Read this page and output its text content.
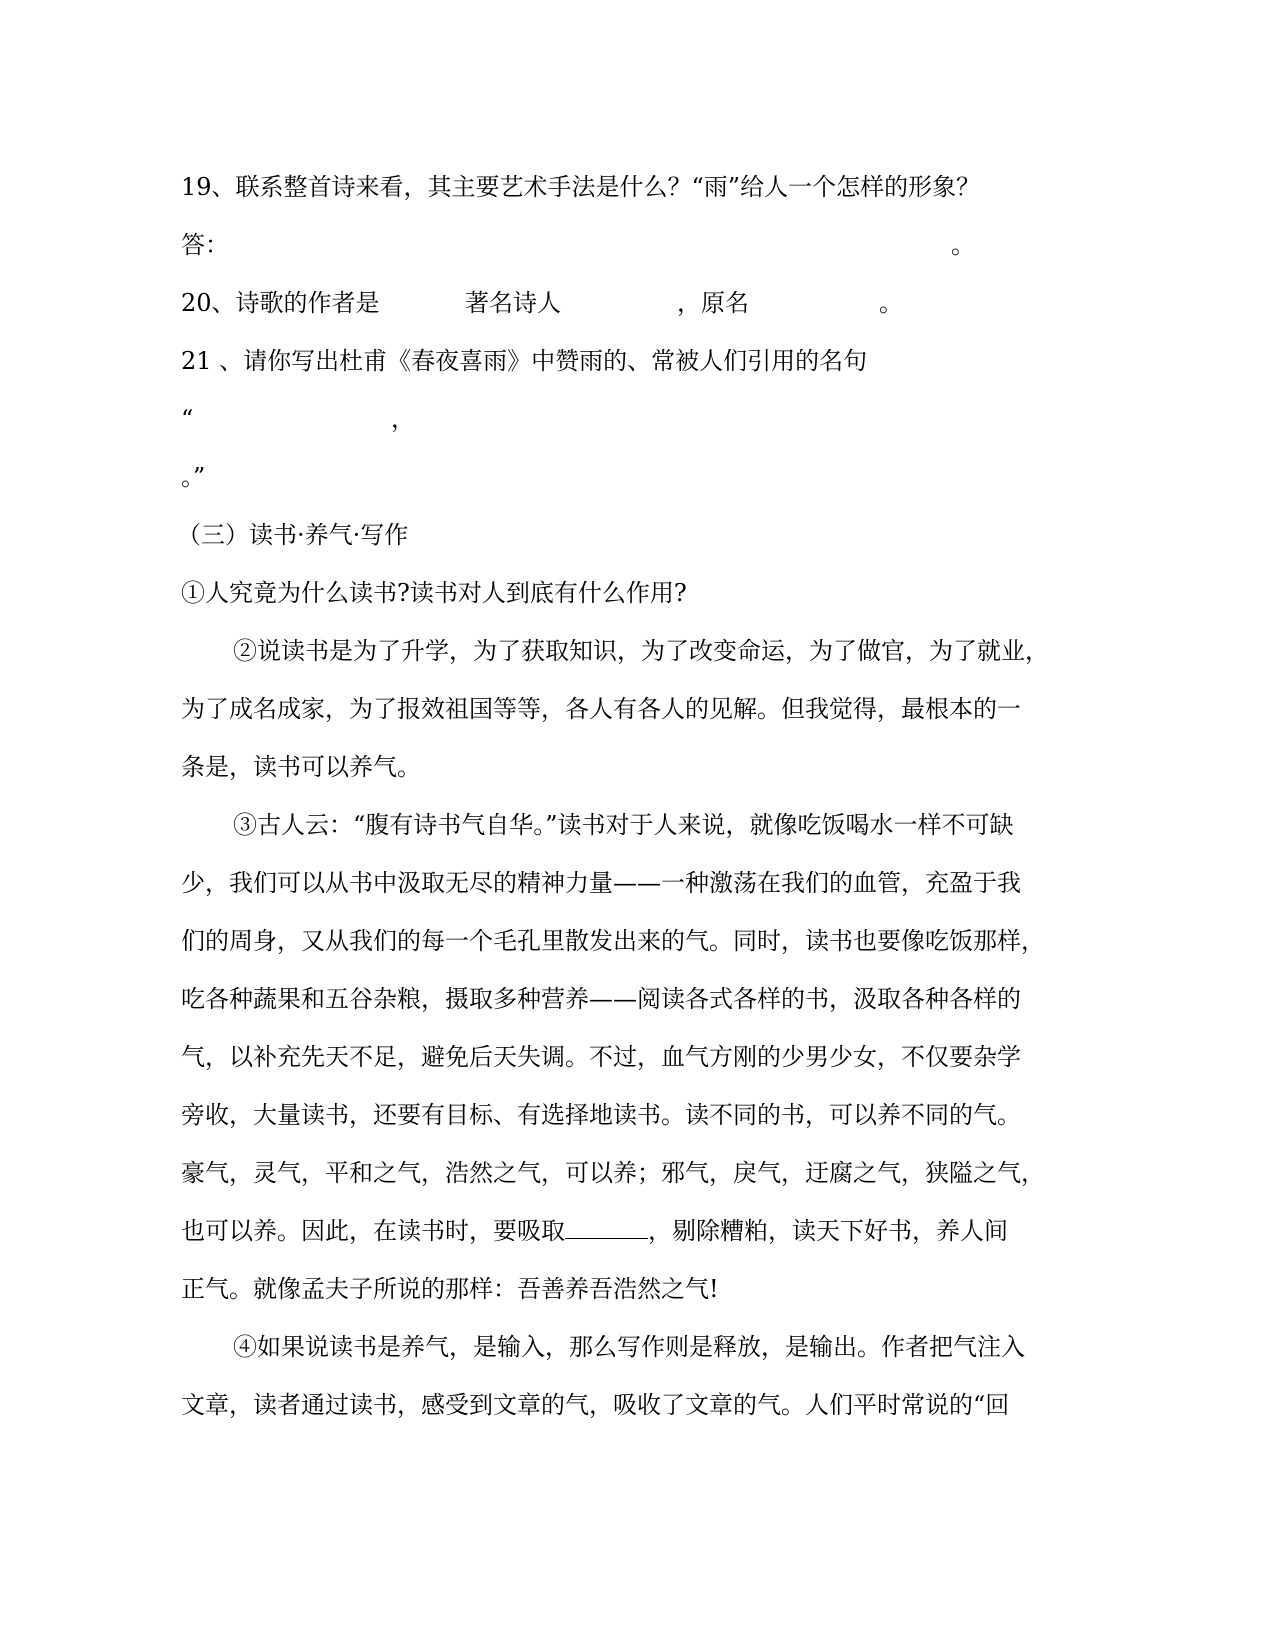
19、联系整首诗来看，其主要艺术手法是什么？“雨”给人一个怎样的形象？
答：	。
20、诗歌的作者是	著名诗人	，原名	。
21 、请你写出杜甫《春夜喜雨》中赞雨的、常被人们引用的名句
“	，
。”
（三）读书·养气·写作
①人究竟为什么读书?读书对人到底有什么作用?
②说读书是为了升学，为了获取知识，为了改变命运，为了做官，为了就业，
为了成名成家，为了报效祖国等等，各人有各人的见解。但我觉得，最根本的一
条是，读书可以养气。
③古人云：“腹有诗书气自华。”读书对于人来说，就像吃饭喝水一样不可缺
少，我们可以从书中汲取无尽的精神力量——一种激荡在我们的血管，充盈于我
们的周身，又从我们的每一个毛孔里散发出来的气。同时，读书也要像吃饭那样，
吃各种蔬果和五谷杂粮，摄取多种营养——阅读各式各样的书，汲取各种各样的
气，以补充先天不足，避免后天失调。不过，血气方刚的少男少女，不仅要杂学
旁收，大量读书，还要有目标、有选择地读书。读不同的书，可以养不同的气。
豪气，灵气，平和之气，浩然之气，可以养；邪气，戾气，迂腐之气，狭隘之气，
也可以养。因此，在读书时，要吸取	，剔除糟粕，读天下好书，养人间
正气。就像孟夫子所说的那样：吾善养吾浩然之气!
④如果说读书是养气，是输入，那么写作则是释放，是输出。作者把气注入
文章，读者通过读书，感受到文章的气，吸收了文章的气。人们平时常说的“回
